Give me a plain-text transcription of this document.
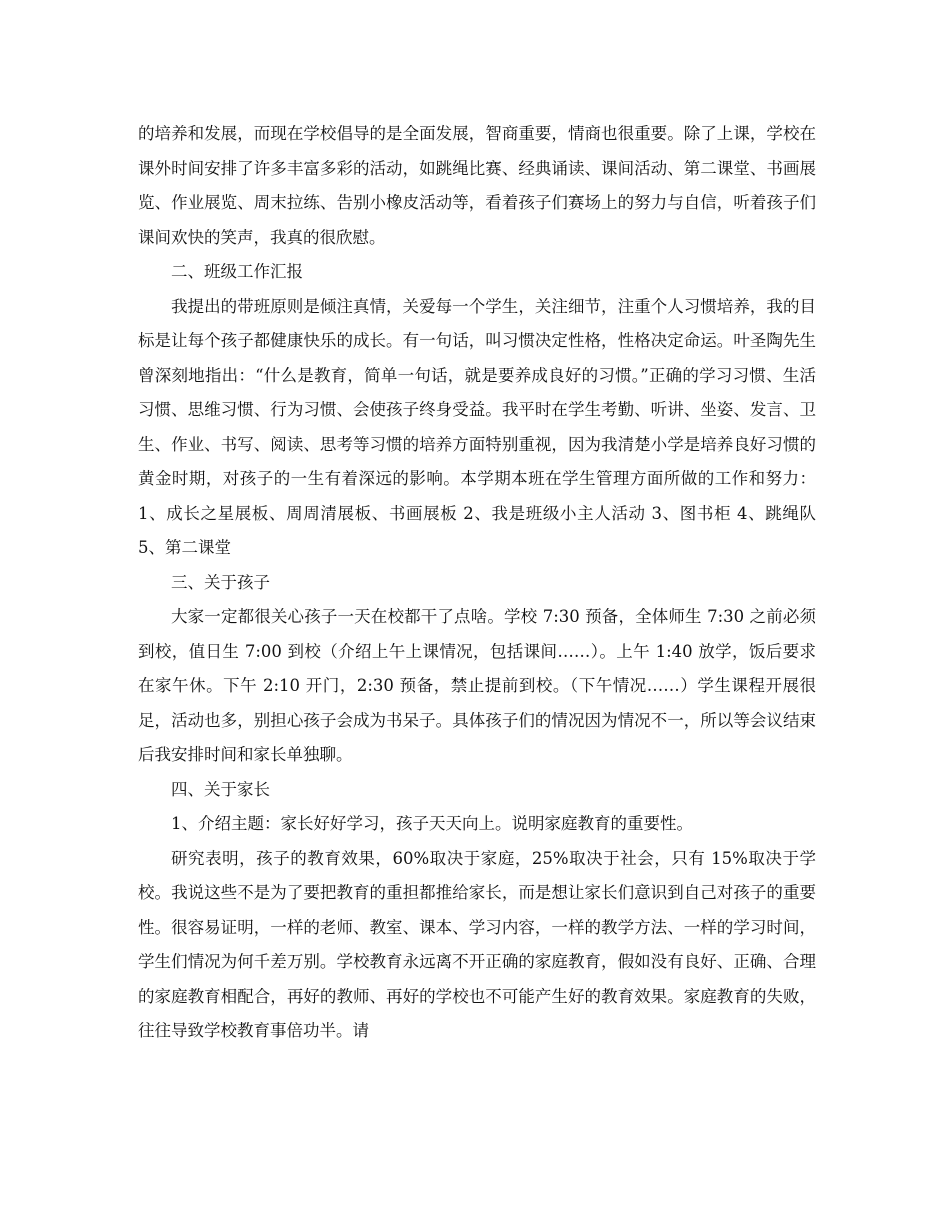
的培养和发展，而现在学校倡导的是全面发展，智商重要，情商也很重要。除了上课，学校在课外时间安排了许多丰富多彩的活动，如跳绳比赛、经典诵读、课间活动、第二课堂、书画展览、作业展览、周末拉练、告别小橡皮活动等，看着孩子们赛场上的努力与自信，听着孩子们课间欢快的笑声，我真的很欣慰。

二、班级工作汇报

我提出的带班原则是倾注真情，关爱每一个学生，关注细节，注重个人习惯培养，我的目标是让每个孩子都健康快乐的成长。有一句话，叫习惯决定性格，性格决定命运。叶圣陶先生曾深刻地指出：“什么是教育，简单一句话，就是要养成良好的习惯。”正确的学习习惯、生活习惯、思维习惯、行为习惯、会使孩子终身受益。我平时在学生考勤、听讲、坐姿、发言、卫生、作业、书写、阅读、思考等习惯的培养方面特别重视，因为我清楚小学是培养良好习惯的黄金时期，对孩子的一生有着深远的影响。本学期本班在学生管理方面所做的工作和努力：1、成长之星展板、周周清展板、书画展板 2、我是班级小主人活动 3、图书柜 4、跳绳队 5、第二课堂

三、关于孩子

大家一定都很关心孩子一天在校都干了点啥。学校 7:30 预备，全体师生 7:30 之前必须到校，值日生 7:00 到校（介绍上午上课情况，包括课间……）。上午 1:40 放学，饭后要求在家午休。下午 2:10 开门，2:30 预备，禁止提前到校。（下午情况……）学生课程开展很足，活动也多，别担心孩子会成为书呆子。具体孩子们的情况因为情况不一，所以等会议结束后我安排时间和家长单独聊。

四、关于家长

1、介绍主题：家长好好学习，孩子天天向上。说明家庭教育的重要性。

研究表明，孩子的教育效果，60%取决于家庭，25%取决于社会，只有 15%取决于学校。我说这些不是为了要把教育的重担都推给家长，而是想让家长们意识到自己对孩子的重要性。很容易证明，一样的老师、教室、课本、学习内容，一样的教学方法、一样的学习时间，学生们情况为何千差万别。学校教育永远离不开正确的家庭教育，假如没有良好、正确、合理的家庭教育相配合，再好的教师、再好的学校也不可能产生好的教育效果。家庭教育的失败，往往导致学校教育事倍功半。请
